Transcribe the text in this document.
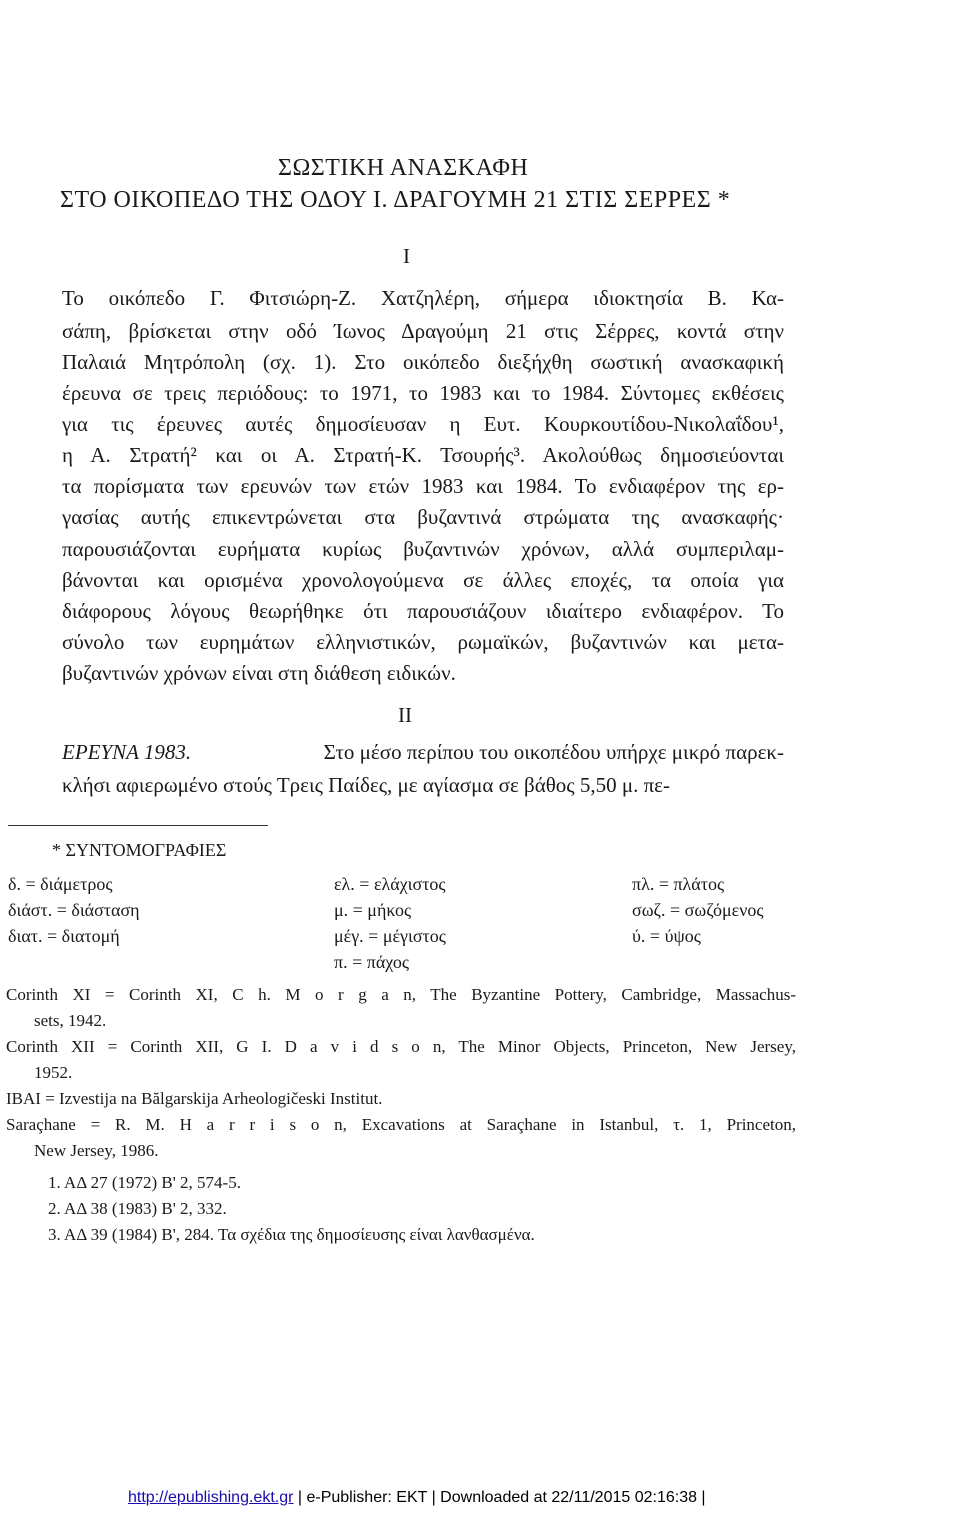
ΣΩΣΤΙΚΗ ΑΝΑΣΚΑΦΗ
ΣΤΟ ΟΙΚΟΠΕΔΟ ΤΗΣ ΟΔΟΥ Ι. ΔΡΑΓΟΥΜΗ 21 ΣΤΙΣ ΣΕΡΡΕΣ *
I
Το οικόπεδο Γ. Φιτσιώρη-Ζ. Χατζηλέρη, σήμερα ιδιοκτησία Β. Κα-
σάπη, βρίσκεται στην οδό Ίωνος Δραγούμη 21 στις Σέρρες, κοντά στην
Παλαιά Μητρόπολη (σχ. 1). Στο οικόπεδο διεξήχθη σωστική ανασκαφική
έρευνα σε τρεις περιόδους: το 1971, το 1983 και το 1984. Σύντομες εκθέσεις
για τις έρευνες αυτές δημοσίευσαν η Ευτ. Κουρκουτίδου-Νικολαΐδου¹,
η Α. Στρατή² και οι Α. Στρατή-Κ. Τσουρής³. Ακολούθως δημοσιεύονται
τα πορίσματα των ερευνών των ετών 1983 και 1984. Το ενδιαφέρον της ερ-
γασίας αυτής επικεντρώνεται στα βυζαντινά στρώματα της ανασκαφής·
παρουσιάζονται ευρήματα κυρίως βυζαντινών χρόνων, αλλά συμπεριλαμ-
βάνονται και ορισμένα χρονολογούμενα σε άλλες εποχές, τα οποία για
διάφορους λόγους θεωρήθηκε ότι παρουσιάζουν ιδιαίτερο ενδιαφέρον. Το
σύνολο των ευρημάτων ελληνιστικών, ρωμαϊκών, βυζαντινών και μετα-
βυζαντινών χρόνων είναι στη διάθεση ειδικών.
II
ΕΡΕΥΝΑ 1983.	Στο μέσο περίπου του οικοπέδου υπήρχε μικρό παρεκ-
κλήσι αφιερωμένο στούς Τρεις Παίδες, με αγίασμα σε βάθος 5,50 μ. πε-
* ΣΥΝΤΟΜΟΓΡΑΦΙΕΣ
δ. = διάμετρος
διάστ. = διάσταση
διατ. = διατομή
ελ. = ελάχιστος
μ. = μήκος
μέγ. = μέγιστος
π. = πάχος
πλ. = πλάτος
σωζ. = σωζόμενος
ύ. = ύψος
Corinth XI = Corinth XI, C h. M o r g a n, The Byzantine Pottery, Cambridge, Massachus-
sets, 1942.
Corinth XII = Corinth XII, G I. D a v i d s o n, The Minor Objects, Princeton, New Jersey,
1952.
IBAI = Izvestija na Bălgarskija Arheologičeski Institut.
Saraçhane = R. M. H a r r i s o n, Excavations at Saraçhane in Istanbul, τ. 1, Princeton,
New Jersey, 1986.
1. ΑΔ 27 (1972) Β' 2, 574-5.
2. ΑΔ 38 (1983) Β' 2, 332.
3. ΑΔ 39 (1984) Β', 284. Τα σχέδια της δημοσίευσης είναι λανθασμένα.
http://epublishing.ekt.gr | e-Publisher: EKT | Downloaded at 22/11/2015 02:16:38 |
